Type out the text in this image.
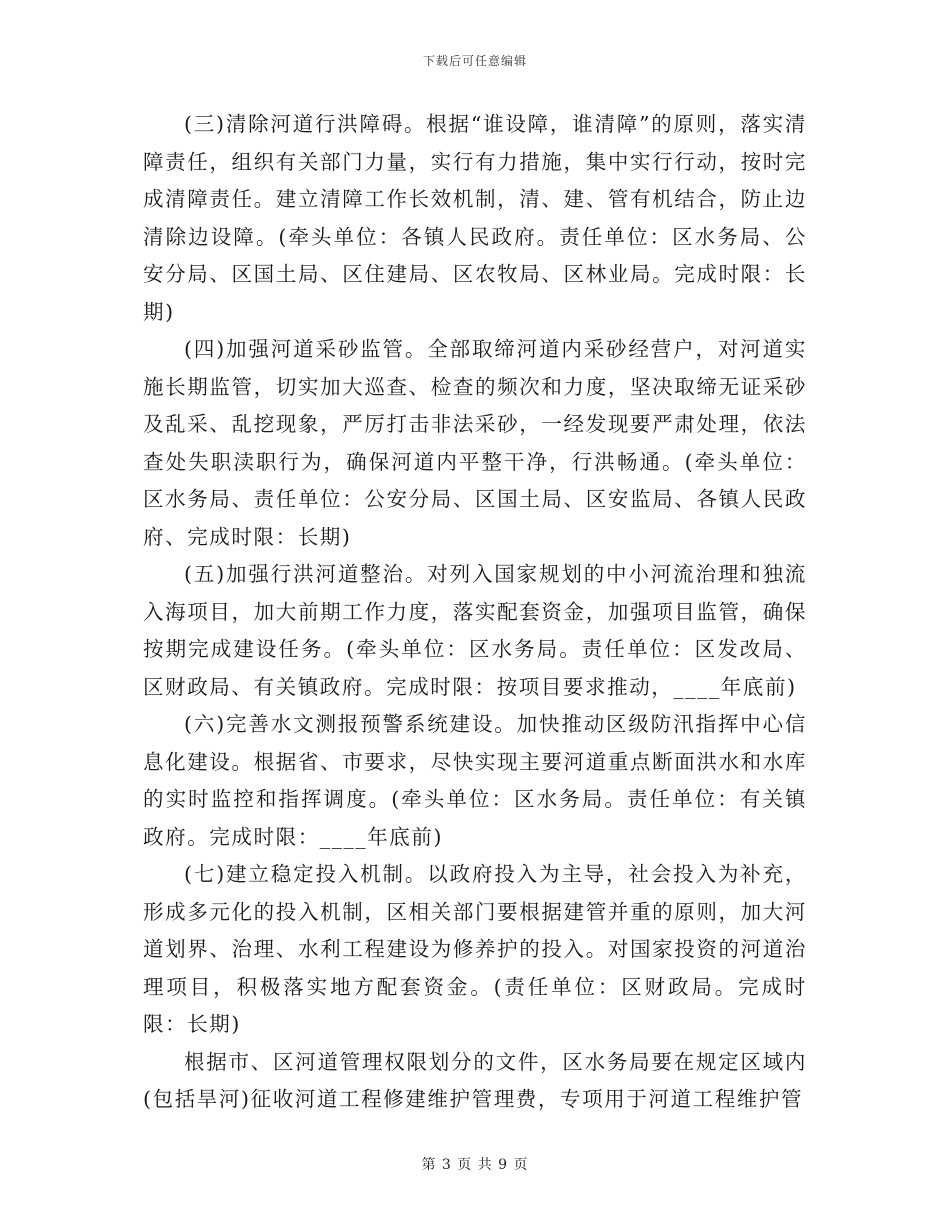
下载后可任意编辑

(三)清除河道行洪障碍。根据“谁设障，谁清障”的原则，落实清障责任，组织有关部门力量，实行有力措施，集中实行行动，按时完成清障责任。建立清障工作长效机制，清、建、管有机结合，防止边清除边设障。(牵头单位：各镇人民政府。责任单位：区水务局、公安分局、区国土局、区住建局、区农牧局、区林业局。完成时限：长期)

(四)加强河道采砂监管。全部取缔河道内采砂经营户，对河道实施长期监管，切实加大巡查、检查的频次和力度，坚决取缔无证采砂及乱采、乱挖现象，严厉打击非法采砂，一经发现要严肃处理，依法查处失职渎职行为，确保河道内平整干净，行洪畅通。(牵头单位：区水务局、责任单位：公安分局、区国土局、区安监局、各镇人民政府、完成时限：长期)

(五)加强行洪河道整治。对列入国家规划的中小河流治理和独流入海项目，加大前期工作力度，落实配套资金，加强项目监管，确保按期完成建设任务。(牵头单位：区水务局。责任单位：区发改局、区财政局、有关镇政府。完成时限：按项目要求推动，____年底前)

(六)完善水文测报预警系统建设。加快推动区级防汛指挥中心信息化建设。根据省、市要求，尽快实现主要河道重点断面洪水和水库的实时监控和指挥调度。(牵头单位：区水务局。责任单位：有关镇政府。完成时限：____年底前)

(七)建立稳定投入机制。以政府投入为主导，社会投入为补充，形成多元化的投入机制，区相关部门要根据建管并重的原则，加大河道划界、治理、水利工程建设为修养护的投入。对国家投资的河道治理项目，积极落实地方配套资金。(责任单位：区财政局。完成时限：长期)

根据市、区河道管理权限划分的文件，区水务局要在规定区域内(包括旱河)征收河道工程修建维护管理费，专项用于河道工程维护管

第 3 页 共 9 页
